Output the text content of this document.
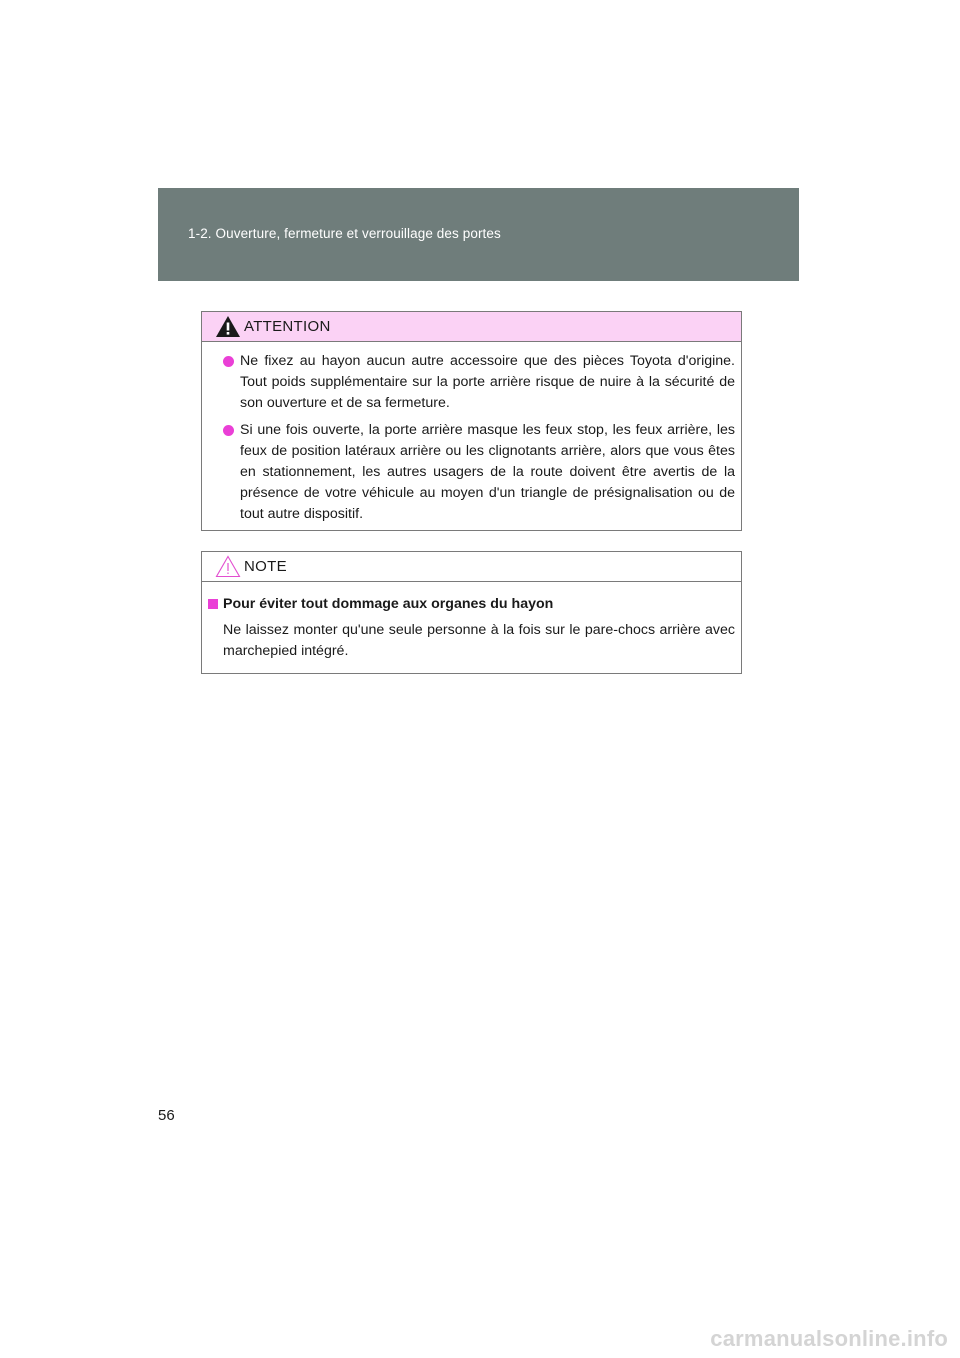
1-2. Ouverture, fermeture et verrouillage des portes
ATTENTION
Ne fixez au hayon aucun autre accessoire que des pièces Toyota d'origine. Tout poids supplémentaire sur la porte arrière risque de nuire à la sécurité de son ouverture et de sa fermeture.
Si une fois ouverte, la porte arrière masque les feux stop, les feux arrière, les feux de position latéraux arrière ou les clignotants arrière, alors que vous êtes en stationnement, les autres usagers de la route doivent être avertis de la présence de votre véhicule au moyen d'un triangle de présignalisation ou de tout autre dispositif.
NOTE
Pour éviter tout dommage aux organes du hayon
Ne laissez monter qu'une seule personne à la fois sur le pare-chocs arrière avec marchepied intégré.
56
carmanualsonline.info
